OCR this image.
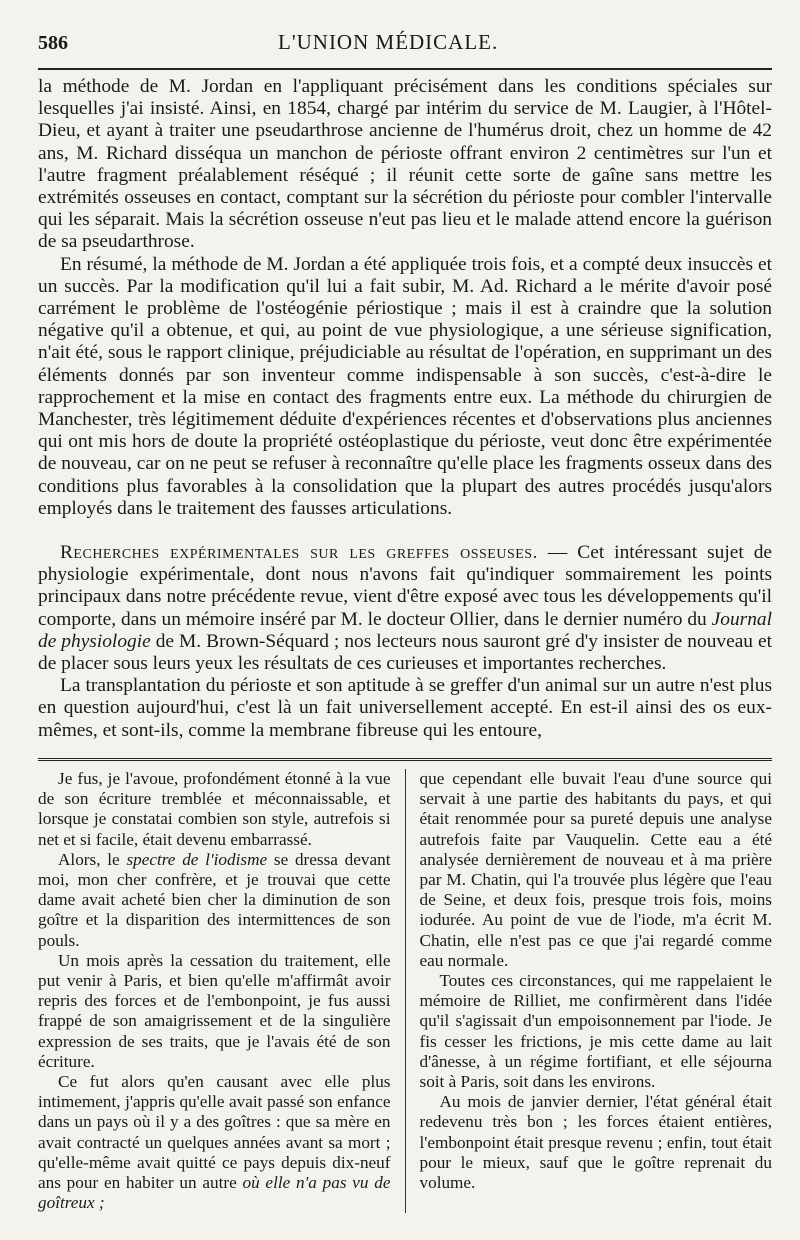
586	L'UNION MÉDICALE.

la méthode de M. Jordan en l'appliquant précisément dans les conditions spéciales sur lesquelles j'ai insisté. Ainsi, en 1854, chargé par intérim du service de M. Laugier, à l'Hôtel-Dieu, et ayant à traiter une pseudarthrose ancienne de l'humérus droit, chez un homme de 42 ans, M. Richard disséqua un manchon de périoste offrant environ 2 centimètres sur l'un et l'autre fragment préalablement réséqué ; il réunit cette sorte de gaîne sans mettre les extrémités osseuses en contact, comptant sur la sécrétion du périoste pour combler l'intervalle qui les séparait. Mais la sécrétion osseuse n'eut pas lieu et le malade attend encore la guérison de sa pseudarthrose.

En résumé, la méthode de M. Jordan a été appliquée trois fois, et a compté deux insuccès et un succès. Par la modification qu'il lui a fait subir, M. Ad. Richard a le mérite d'avoir posé carrément le problème de l'ostéogénie périostique ; mais il est à craindre que la solution négative qu'il a obtenue, et qui, au point de vue physiologique, a une sérieuse signification, n'ait été, sous le rapport clinique, préjudiciable au résultat de l'opération, en supprimant un des éléments donnés par son inventeur comme indispensable à son succès, c'est-à-dire le rapprochement et la mise en contact des fragments entre eux. La méthode du chirurgien de Manchester, très légitimement déduite d'expériences récentes et d'observations plus anciennes qui ont mis hors de doute la propriété ostéoplastique du périoste, veut donc être expérimentée de nouveau, car on ne peut se refuser à reconnaître qu'elle place les fragments osseux dans des conditions plus favorables à la consolidation que la plupart des autres procédés jusqu'alors employés dans le traitement des fausses articulations.

Recherches expérimentales sur les greffes osseuses. — Cet intéressant sujet de physiologie expérimentale, dont nous n'avons fait qu'indiquer sommairement les points principaux dans notre précédente revue, vient d'être exposé avec tous les développements qu'il comporte, dans un mémoire inséré par M. le docteur Ollier, dans le dernier numéro du Journal de physiologie de M. Brown-Séquard ; nos lecteurs nous sauront gré d'y insister de nouveau et de placer sous leurs yeux les résultats de ces curieuses et importantes recherches.

La transplantation du périoste et son aptitude à se greffer d'un animal sur un autre n'est plus en question aujourd'hui, c'est là un fait universellement accepté. En est-il ainsi des os eux-mêmes, et sont-ils, comme la membrane fibreuse qui les entoure,

Je fus, je l'avoue, profondément étonné à la vue de son écriture tremblée et méconnaissable, et lorsque je constatai combien son style, autrefois si net et si facile, était devenu embarrassé.

Alors, le spectre de l'iodisme se dressa devant moi, mon cher confrère, et je trouvai que cette dame avait acheté bien cher la diminution de son goître et la disparition des intermittences de son pouls.

Un mois après la cessation du traitement, elle put venir à Paris, et bien qu'elle m'affirmât avoir repris des forces et de l'embonpoint, je fus aussi frappé de son amaigrissement et de la singulière expression de ses traits, que je l'avais été de son écriture.

Ce fut alors qu'en causant avec elle plus intimement, j'appris qu'elle avait passé son enfance dans un pays où il y a des goîtres : que sa mère en avait contracté un quelques années avant sa mort ; qu'elle-même avait quitté ce pays depuis dix-neuf ans pour en habiter un autre où elle n'a pas vu de goîtreux ;

que cependant elle buvait l'eau d'une source qui servait à une partie des habitants du pays, et qui était renommée pour sa pureté depuis une analyse autrefois faite par Vauquelin. Cette eau a été analysée dernièrement de nouveau et à ma prière par M. Chatin, qui l'a trouvée plus légère que l'eau de Seine, et deux fois, presque trois fois, moins iodurée. Au point de vue de l'iode, m'a écrit M. Chatin, elle n'est pas ce que j'ai regardé comme eau normale.

Toutes ces circonstances, qui me rappelaient le mémoire de Rilliet, me confirmèrent dans l'idée qu'il s'agissait d'un empoisonnement par l'iode. Je fis cesser les frictions, je mis cette dame au lait d'ânesse, à un régime fortifiant, et elle séjourna soit à Paris, soit dans les environs.

Au mois de janvier dernier, l'état général était redevenu très bon ; les forces étaient entières, l'embonpoint était presque revenu ; enfin, tout était pour le mieux, sauf que le goître reprenait du volume.
